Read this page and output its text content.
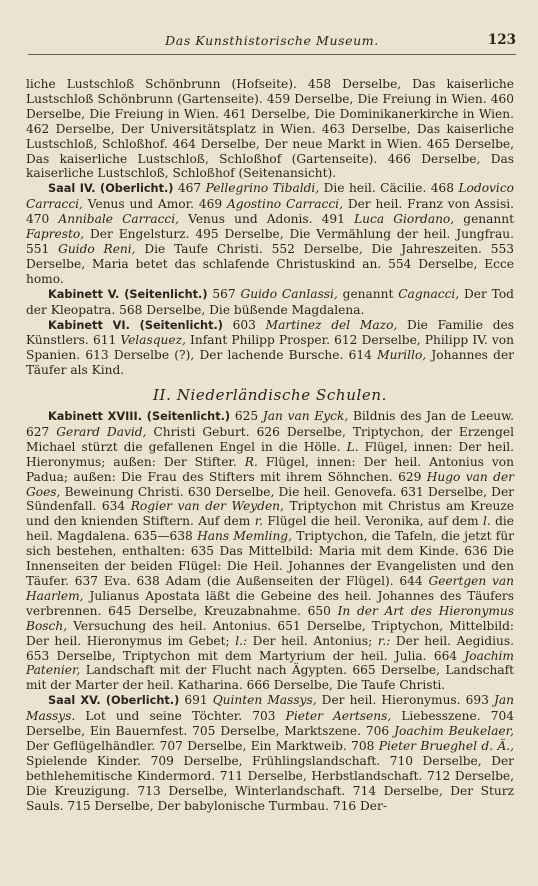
Das Kunsthistorische Museum.	123

liche Lustschloß Schönbrunn (Hofseite). 458 Derselbe, Das kaiserliche Lustschloß Schönbrunn (Gartenseite). 459 Derselbe, Die Freiung in Wien. 460 Derselbe, Die Freiung in Wien. 461 Derselbe, Die Dominikanerkirche in Wien. 462 Derselbe, Der Universitätsplatz in Wien. 463 Derselbe, Das kaiserliche Lustschloß, Schloßhof. 464 Derselbe, Der neue Markt in Wien. 465 Derselbe, Das kaiserliche Lustschloß, Schloßhof (Gartenseite). 466 Derselbe, Das kaiserliche Lustschloß, Schloßhof (Seitenansicht).

Saal IV. (Oberlicht.) 467 Pellegrino Tibaldi, Die heil. Cäcilie. 468 Lodovico Carracci, Venus und Amor. 469 Agostino Carracci, Der heil. Franz von Assisi. 470 Annibale Carracci, Venus und Adonis. 491 Luca Giordano, genannt Fapresto, Der Engelsturz. 495 Derselbe, Die Vermählung der heil. Jungfrau. 551 Guido Reni, Die Taufe Christi. 552 Derselbe, Die Jahreszeiten. 553 Derselbe, Maria betet das schlafende Christuskind an. 554 Derselbe, Ecce homo.

Kabinett V. (Seitenlicht.) 567 Guido Canlassi, genannt Cagnacci, Der Tod der Kleopatra. 568 Derselbe, Die büßende Magdalena.

Kabinett VI. (Seitenlicht.) 603 Martinez del Mazo, Die Familie des Künstlers. 611 Velasquez, Infant Philipp Prosper. 612 Derselbe, Philipp IV. von Spanien. 613 Derselbe (?), Der lachende Bursche. 614 Murillo, Johannes der Täufer als Kind.

II. Niederländische Schulen.

Kabinett XVIII. (Seitenlicht.) 625 Jan van Eyck, Bildnis des Jan de Leeuw. 627 Gerard David, Christi Geburt. 626 Derselbe, Triptychon, der Erzengel Michael stürzt die gefallenen Engel in die Hölle. L. Flügel, innen: Der heil. Hieronymus; außen: Der Stifter. R. Flügel, innen: Der heil. Antonius von Padua; außen: Die Frau des Stifters mit ihrem Söhnchen. 629 Hugo van der Goes, Beweinung Christi. 630 Derselbe, Die heil. Genovefa. 631 Derselbe, Der Sündenfall. 634 Rogier van der Weyden, Triptychon mit Christus am Kreuze und den knienden Stiftern. Auf dem r. Flügel die heil. Veronika, auf dem l. die heil. Magdalena. 635—638 Hans Memling, Triptychon, die Tafeln, die jetzt für sich bestehen, enthalten: 635 Das Mittelbild: Maria mit dem Kinde. 636 Die Innenseiten der beiden Flügel: Die Heil. Johannes der Evangelisten und den Täufer. 637 Eva. 638 Adam (die Außenseiten der Flügel). 644 Geertgen van Haarlem, Julianus Apostata läßt die Gebeine des heil. Johannes des Täufers verbrennen. 645 Derselbe, Kreuzabnahme. 650 In der Art des Hieronymus Bosch, Versuchung des heil. Antonius. 651 Derselbe, Triptychon, Mittelbild: Der heil. Hieronymus im Gebet; l.: Der heil. Antonius; r.: Der heil. Aegidius. 653 Derselbe, Triptychon mit dem Martyrium der heil. Julia. 664 Joachim Patenier, Landschaft mit der Flucht nach Ägypten. 665 Derselbe, Landschaft mit der Marter der heil. Katharina. 666 Derselbe, Die Taufe Christi.

Saal XV. (Oberlicht.) 691 Quinten Massys, Der heil. Hieronymus. 693 Jan Massys. Lot und seine Töchter. 703 Pieter Aertsens, Liebesszene. 704 Derselbe, Ein Bauernfest. 705 Derselbe, Marktszene. 706 Joachim Beukelaer, Der Geflügelhändler. 707 Derselbe, Ein Marktweib. 708 Pieter Brueghel d. Ä., Spielende Kinder. 709 Derselbe, Frühlingslandschaft. 710 Derselbe, Der bethlehemitische Kindermord. 711 Derselbe, Herbstlandschaft. 712 Derselbe, Die Kreuzigung. 713 Derselbe, Winterlandschaft. 714 Derselbe, Der Sturz Sauls. 715 Derselbe, Der babylonische Turmbau. 716 Der-
